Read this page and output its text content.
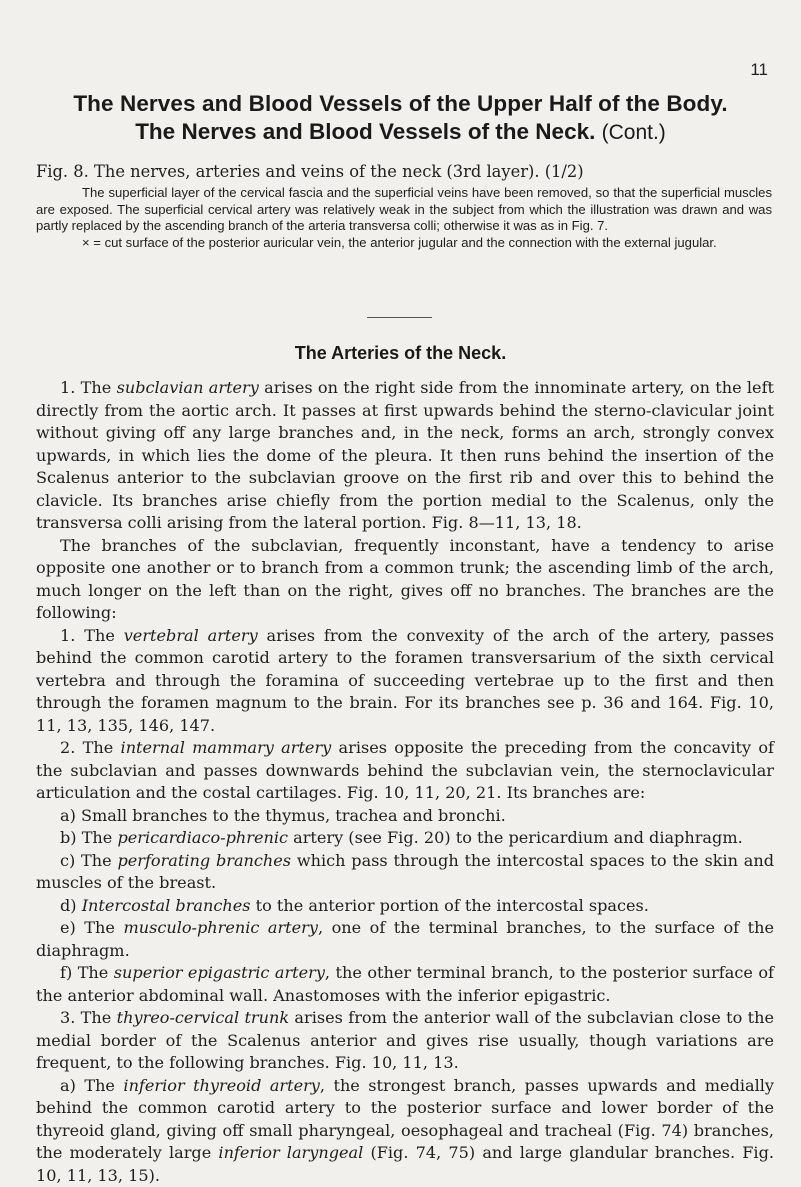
11
The Nerves and Blood Vessels of the Upper Half of the Body.
The Nerves and Blood Vessels of the Neck. (Cont.)

Fig. 8. The nerves, arteries and veins of the neck (3rd layer). (1/2)

The superficial layer of the cervical fascia and the superficial veins have been removed, so that the superficial muscles are exposed. The superficial cervical artery was relatively weak in the subject from which the illustration was drawn and was partly replaced by the ascending branch of the arteria transversa colli; otherwise it was as in Fig. 7.

× = cut surface of the posterior auricular vein, the anterior jugular and the connection with the external jugular.

The Arteries of the Neck.

1. The subclavian artery arises on the right side from the innominate artery, on the left directly from the aortic arch. It passes at first upwards behind the sterno-clavicular joint without giving off any large branches and, in the neck, forms an arch, strongly convex upwards, in which lies the dome of the pleura. It then runs behind the insertion of the Scalenus anterior to the subclavian groove on the first rib and over this to behind the clavicle. Its branches arise chiefly from the portion medial to the Scalenus, only the transversa colli arising from the lateral portion. Fig. 8—11, 13, 18.

The branches of the subclavian, frequently inconstant, have a tendency to arise opposite one another or to branch from a common trunk; the ascending limb of the arch, much longer on the left than on the right, gives off no branches. The branches are the following:

1. The vertebral artery arises from the convexity of the arch of the artery, passes behind the common carotid artery to the foramen transversarium of the sixth cervical vertebra and through the foramina of succeeding vertebrae up to the first and then through the foramen magnum to the brain. For its branches see p. 36 and 164. Fig. 10, 11, 13, 135, 146, 147.

2. The internal mammary artery arises opposite the preceding from the concavity of the subclavian and passes downwards behind the subclavian vein, the sternoclavicular articulation and the costal cartilages. Fig. 10, 11, 20, 21. Its branches are:

a) Small branches to the thymus, trachea and bronchi.

b) The pericardiaco-phrenic artery (see Fig. 20) to the pericardium and diaphragm.

c) The perforating branches which pass through the intercostal spaces to the skin and muscles of the breast.

d) Intercostal branches to the anterior portion of the intercostal spaces.

e) The musculo-phrenic artery, one of the terminal branches, to the surface of the diaphragm.

f) The superior epigastric artery, the other terminal branch, to the posterior surface of the anterior abdominal wall. Anastomoses with the inferior epigastric.

3. The thyreo-cervical trunk arises from the anterior wall of the subclavian close to the medial border of the Scalenus anterior and gives rise usually, though variations are frequent, to the following branches. Fig. 10, 11, 13.

a) The inferior thyreoid artery, the strongest branch, passes upwards and medially behind the common carotid artery to the posterior surface and lower border of the thyreoid gland, giving off small pharyngeal, oesophageal and tracheal (Fig. 74) branches, the moderately large inferior laryngeal (Fig. 74, 75) and large glandular branches. Fig. 10, 11, 13, 15).
